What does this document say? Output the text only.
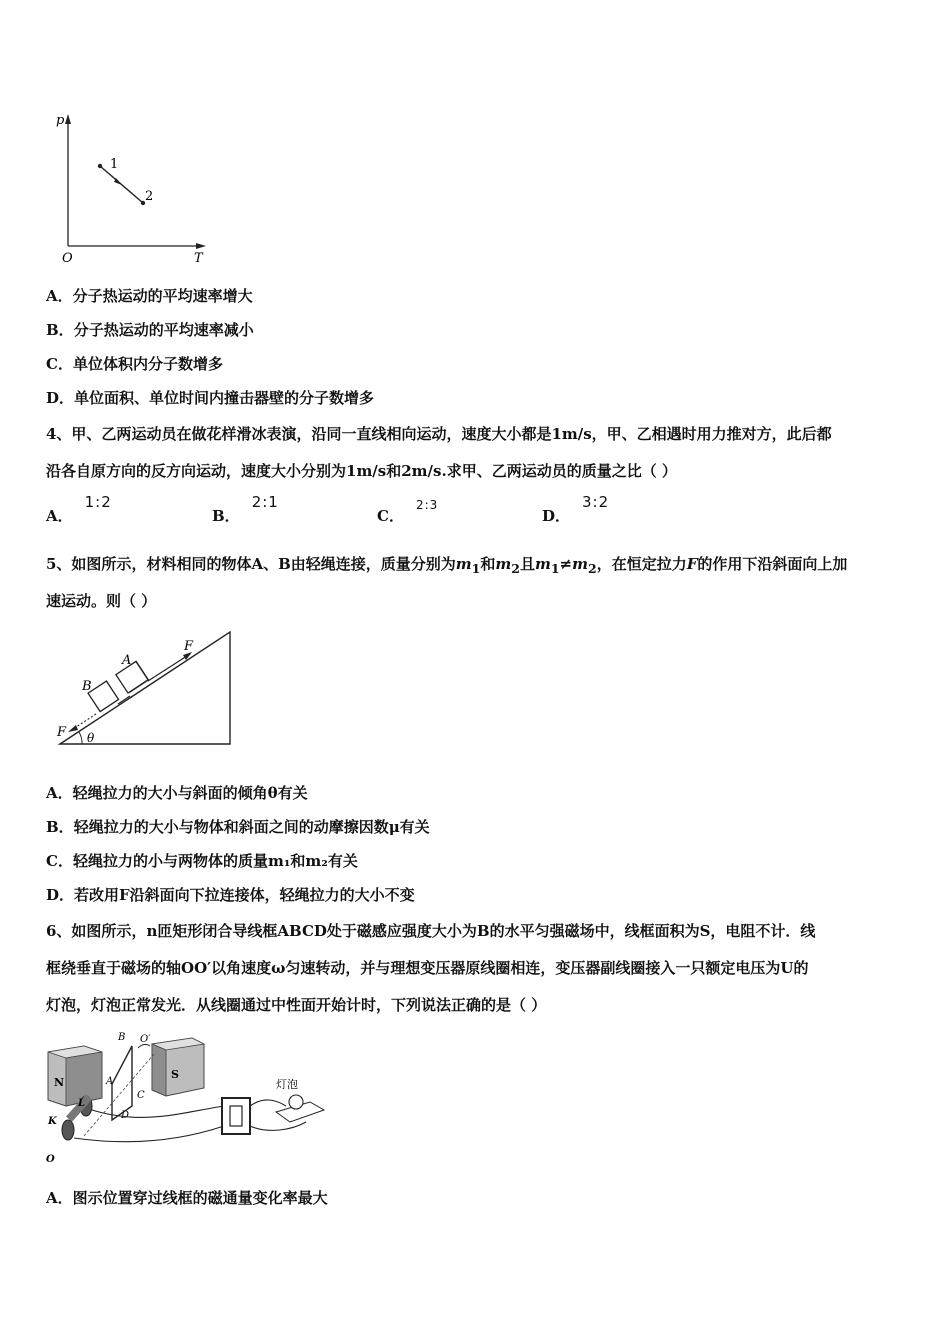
p
T
O
1
2
A．分子热运动的平均速率增大
B．分子热运动的平均速率减小
C．单位体积内分子数增多
D．单位面积、单位时间内撞击器壁的分子数增多
4、甲、乙两运动员在做花样滑冰表演，沿同一直线相向运动，速度大小都是1m/s，甲、乙相遇时用力推对方，此后都
沿各自原方向的反方向运动，速度大小分别为1m/s和2m/s.求甲、乙两运动员的质量之比（ ）
A．1:2
B．2:1
C．$^{2:3}$
D．3:2
5、如图所示，材料相同的物体A、B由轻绳连接，质量分别为$m_1$和$m_2$且$m_1\ne m_2$，在恒定拉力F的作用下沿斜面向上加
速运动。则（ ）
A
B
F
F θ
A．轻绳拉力的大小与斜面的倾角θ有关
B．轻绳拉力的大小与物体和斜面之间的动摩擦因数μ有关
C．轻绳拉力的小与两物体的质量m₁和m₂有关
D．若改用F沿斜面向下拉连接体，轻绳拉力的大小不变
6、如图所示，n匝矩形闭合导线框ABCD处于磁感应强度大小为B的水平匀强磁场中，线框面积为S，电阻不计．线
框绕垂直于磁场的轴OO′以角速度ω匀速转动，并与理想变压器原线圈相连，变压器副线圈接入一只额定电压为U的
灯泡，灯泡正常发光．从线圈通过中性面开始计时，下列说法正确的是（ ）
N
S
A
B
C
D
O′
L
K
O
灯泡
A．图示位置穿过线框的磁通量变化率最大
